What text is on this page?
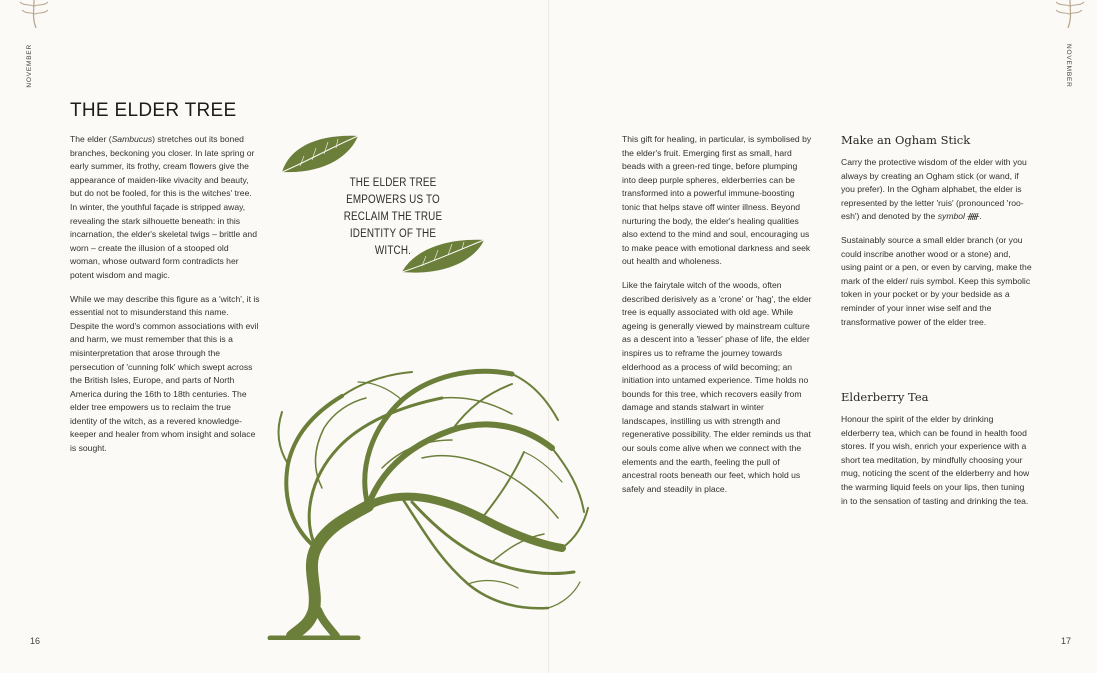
NOVEMBER	NOVEMBER
THE ELDER TREE

The elder (Sambucus) stretches out its boned branches, beckoning you closer. In late spring or early summer, its frothy, cream flowers give the appearance of maiden-like vivacity and beauty, but do not be fooled, for this is the witches' tree. In winter, the youthful façade is stripped away, revealing the stark silhouette beneath: in this incarnation, the elder's skeletal twigs – brittle and worn – create the illusion of a stooped old woman, whose outward form contradicts her potent wisdom and magic.

While we may describe this figure as a 'witch', it is essential not to misunderstand this name. Despite the word's common associations with evil and harm, we must remember that this is a misinterpretation that arose through the persecution of 'cunning folk' which swept across the British Isles, Europe, and parts of North America during the 16th to 18th centuries. The elder tree empowers us to reclaim the true identity of the witch, as a revered knowledge-keeper and healer from whom insight and solace is sought.

THE ELDER TREE EMPOWERS US TO RECLAIM THE TRUE IDENTITY OF THE WITCH.

This gift for healing, in particular, is symbolised by the elder's fruit. Emerging first as small, hard beads with a green-red tinge, before plumping into deep purple spheres, elderberries can be transformed into a powerful immune-boosting tonic that helps stave off winter illness. Beyond nurturing the body, the elder's healing qualities also extend to the mind and soul, encouraging us to make peace with emotional darkness and seek out health and wholeness.

Like the fairytale witch of the woods, often described derisively as a 'crone' or 'hag', the elder tree is equally associated with old age. While ageing is generally viewed by mainstream culture as a descent into a 'lesser' phase of life, the elder inspires us to reframe the journey towards elderhood as a process of wild becoming; an initiation into untamed experience. Time holds no bounds for this tree, which recovers easily from damage and stands stalwart in winter landscapes, instilling us with strength and regenerative possibility. The elder reminds us that our souls come alive when we connect with the elements and the earth, feeling the pull of ancestral roots beneath our feet, which hold us safely and steadily in place.

Make an Ogham Stick

Carry the protective wisdom of the elder with you always by creating an Ogham stick (or wand, if you prefer). In the Ogham alphabet, the elder is represented by the letter 'ruis' (pronounced 'roo-esh') and denoted by the symbol ᚏ.

Sustainably source a small elder branch (or you could inscribe another wood or a stone) and, using paint or a pen, or even by carving, make the mark of the elder/ ruis symbol. Keep this symbolic token in your pocket or by your bedside as a reminder of your inner wise self and the transformative power of the elder tree.

Elderberry Tea

Honour the spirit of the elder by drinking elderberry tea, which can be found in health food stores. If you wish, enrich your experience with a short tea meditation, by mindfully choosing your mug, noticing the scent of the elderberry and how the warming liquid feels on your lips, then tuning in to the sensation of tasting and drinking the tea.

16	17
